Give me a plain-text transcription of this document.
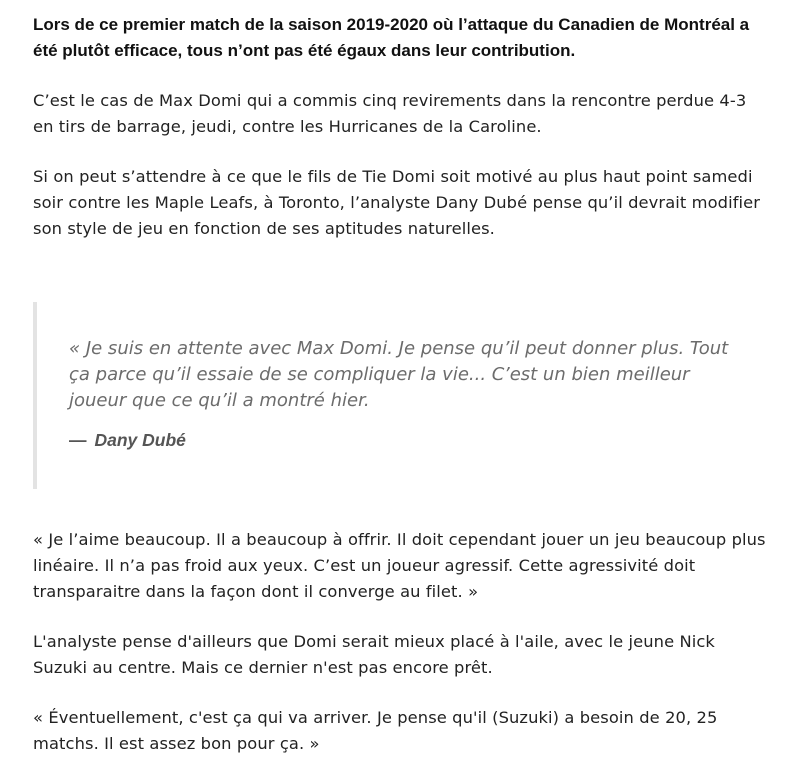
Lors de ce premier match de la saison 2019-2020 où l’attaque du Canadien de Montréal a été plutôt efficace, tous n’ont pas été égaux dans leur contribution.

C’est le cas de Max Domi qui a commis cinq revirements dans la rencontre perdue 4-3 en tirs de barrage, jeudi, contre les Hurricanes de la Caroline.

Si on peut s’attendre à ce que le fils de Tie Domi soit motivé au plus haut point samedi soir contre les Maple Leafs, à Toronto, l’analyste Dany Dubé pense qu’il devrait modifier son style de jeu en fonction de ses aptitudes naturelles.

« Je suis en attente avec Max Domi. Je pense qu’il peut donner plus. Tout ça parce qu’il essaie de se compliquer la vie... C’est un bien meilleur joueur que ce qu’il a montré hier.

— Dany Dubé

« Je l’aime beaucoup. Il a beaucoup à offrir. Il doit cependant jouer un jeu beaucoup plus linéaire. Il n’a pas froid aux yeux. C’est un joueur agressif. Cette agressivité doit transparaitre dans la façon dont il converge au filet. »

L'analyste pense d'ailleurs que Domi serait mieux placé à l'aile, avec le jeune Nick Suzuki au centre. Mais ce dernier n'est pas encore prêt.

« Éventuellement, c'est ça qui va arriver. Je pense qu'il (Suzuki) a besoin de 20, 25 matchs. Il est assez bon pour ça. »
